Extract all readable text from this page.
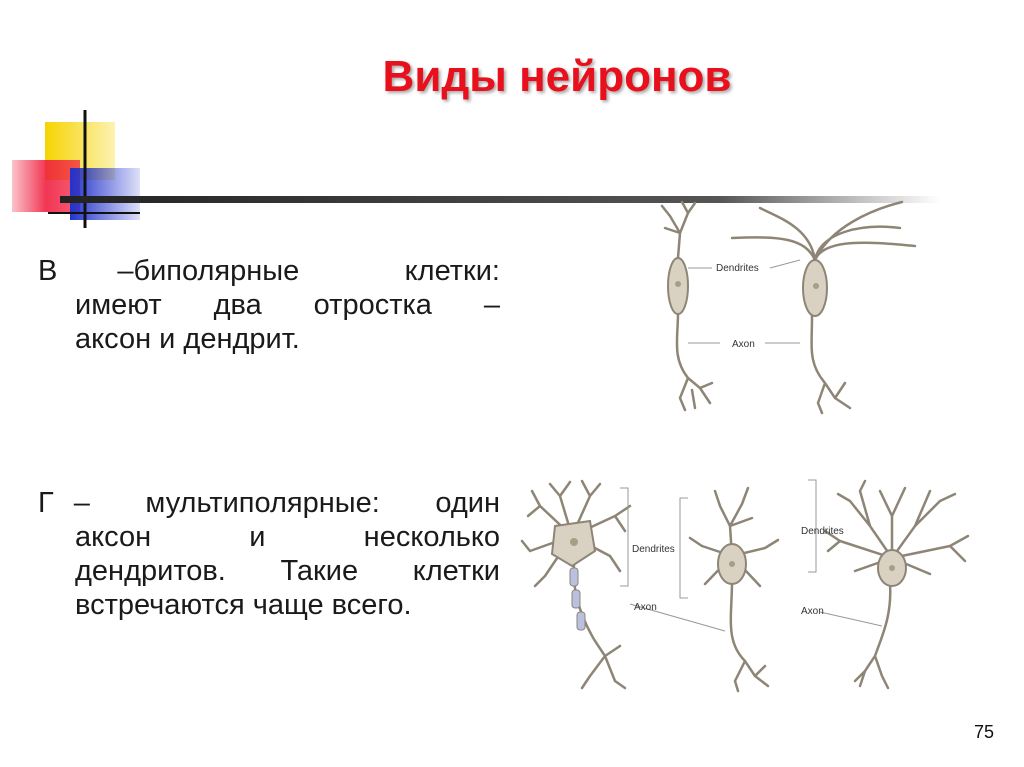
Виды нейронов
В –биполярные клетки:
имеют два отростка –
аксон и дендрит.
Г – мультиполярные: один
аксон и несколько
дендритов. Такие клетки
встречаются чаще всего.
Dendrites
Axon
Dendrites
Dendrites
Axon	Axon
75
